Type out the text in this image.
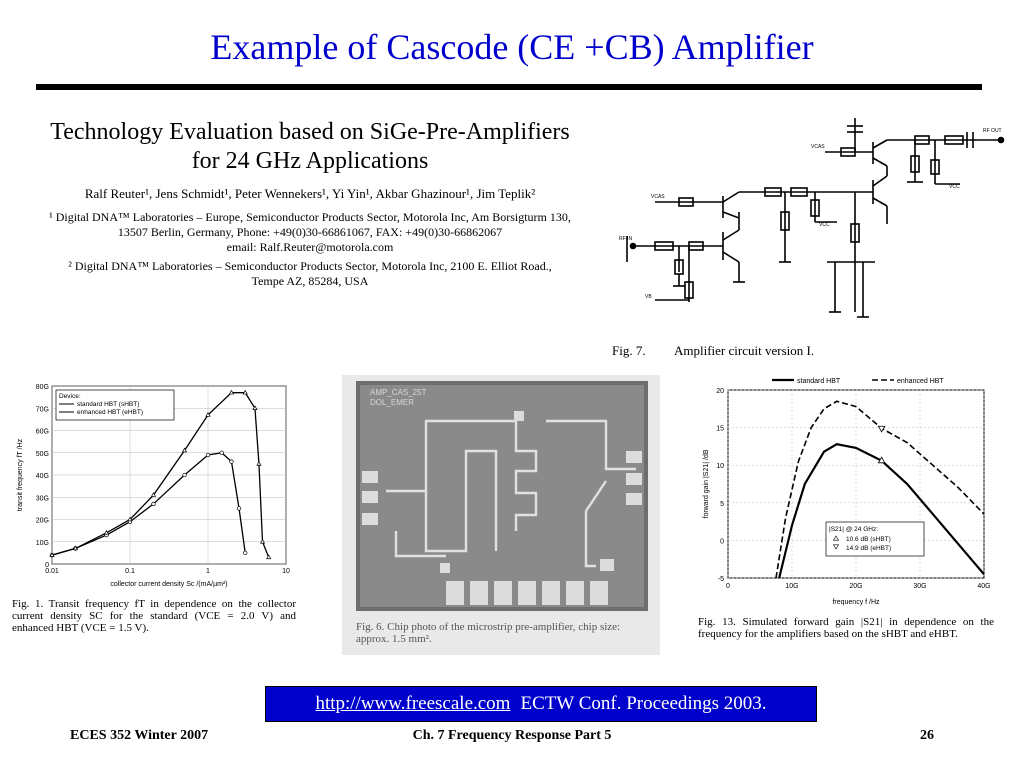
Example of Cascode (CE +CB) Amplifier
Technology Evaluation based on SiGe-Pre-Amplifiers
for 24 GHz Applications
Ralf Reuter¹, Jens Schmidt¹, Peter Wennekers¹, Yi Yin¹, Akbar Ghazinour¹, Jim Teplik²
¹ Digital DNA™ Laboratories – Europe, Semiconductor Products Sector, Motorola Inc, Am Borsigturm 130,
13507 Berlin, Germany, Phone: +49(0)30-66861067, FAX: +49(0)30-66862067
email: Ralf.Reuter@motorola.com
² Digital DNA™ Laboratories – Semiconductor Products Sector, Motorola Inc, 2100 E. Elliot Road.,
Tempe AZ, 85284, USA
RF OUT
RF IN
VCAS
VCAS
VCC
VCC
VB
Fig. 7. Amplifier circuit version I.
0
10G
20G
30G
40G
50G
60G
70G
80G
0.01	0.1	1	10
collector current density Sc /(mA/µm²)
transit frequency fT /Hz
Device:
standard HBT (sHBT)
enhanced HBT (eHBT)
Fig. 1. Transit frequency fT in dependence on the collector current density SC for the standard (VCE = 2.0 V) and enhanced HBT (VCE = 1.5 V).
AMP_CAS_25T
DOL_EMER
Fig. 6. Chip photo of the microstrip pre-amplifier, chip size:
approx. 1.5 mm².
-5
0
5
10
15
20
0	10G	20G	30G	40G
frequency f /Hz
forward gain |S21| /dB
standard HBT	enhanced HBT
|S21| @ 24 GHz:
10.6 dB (sHBT)
14.9 dB (eHBT)
Fig. 13. Simulated forward gain |S21| in dependence on the frequency for the amplifiers based on the sHBT and eHBT.
http://www.freescale.com ECTW Conf. Proceedings 2003.
ECES 352 Winter 2007	Ch. 7 Frequency Response Part 5	26
